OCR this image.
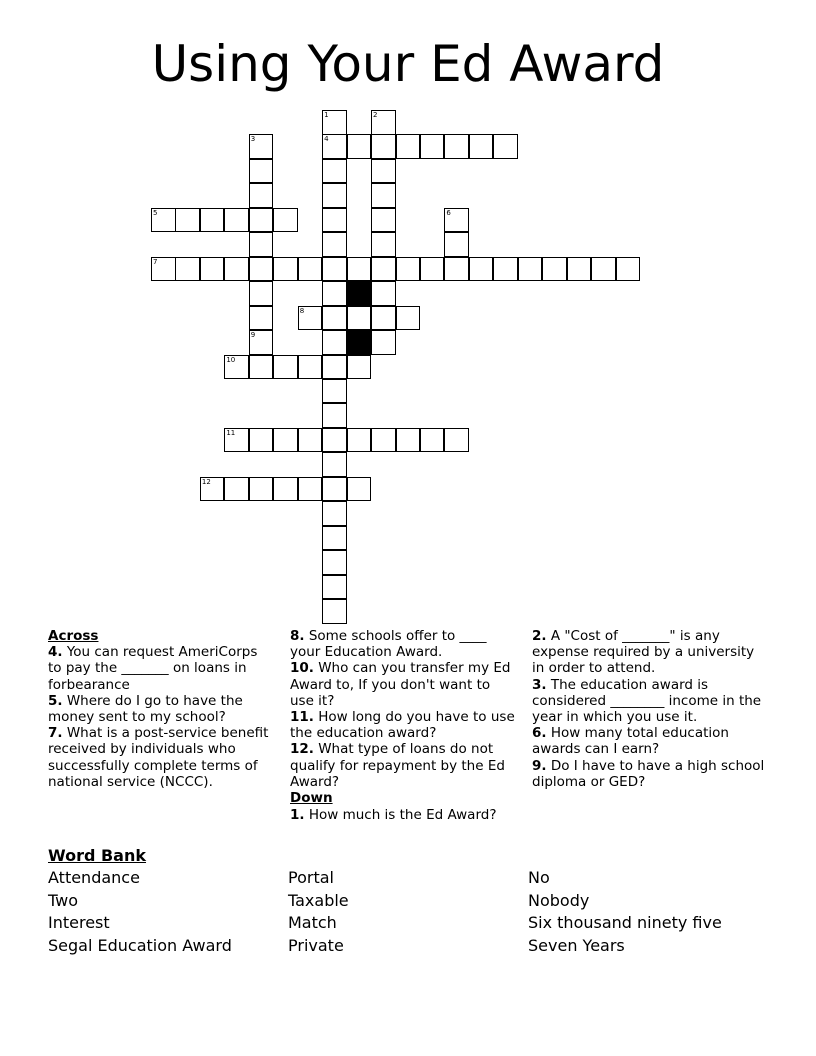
Using Your Ed Award
1	2
3	4
5	6
7
8
9
10
11
12

Across

4. You can request AmeriCorps to pay the _______ on loans in forbearance

5. Where do I go to have the money sent to my school?

7. What is a post-service benefit received by individuals who successfully complete terms of national service (NCCC).

8. Some schools offer to ____ your Education Award.

10. Who can you transfer my Ed Award to, If you don't want to use it?

11. How long do you have to use the education award?

12. What type of loans do not qualify for repayment by the Ed Award?

Down

1. How much is the Ed Award?

2. A "Cost of _______" is any expense required by a university in order to attend.

3. The education award is considered ________ income in the year in which you use it.

6. How many total education awards can I earn?

9. Do I have to have a high school diploma or GED?

Word Bank
Attendance
Two
Interest
Segal Education Award
Portal
Taxable
Match
Private
No
Nobody
Six thousand ninety five
Seven Years
